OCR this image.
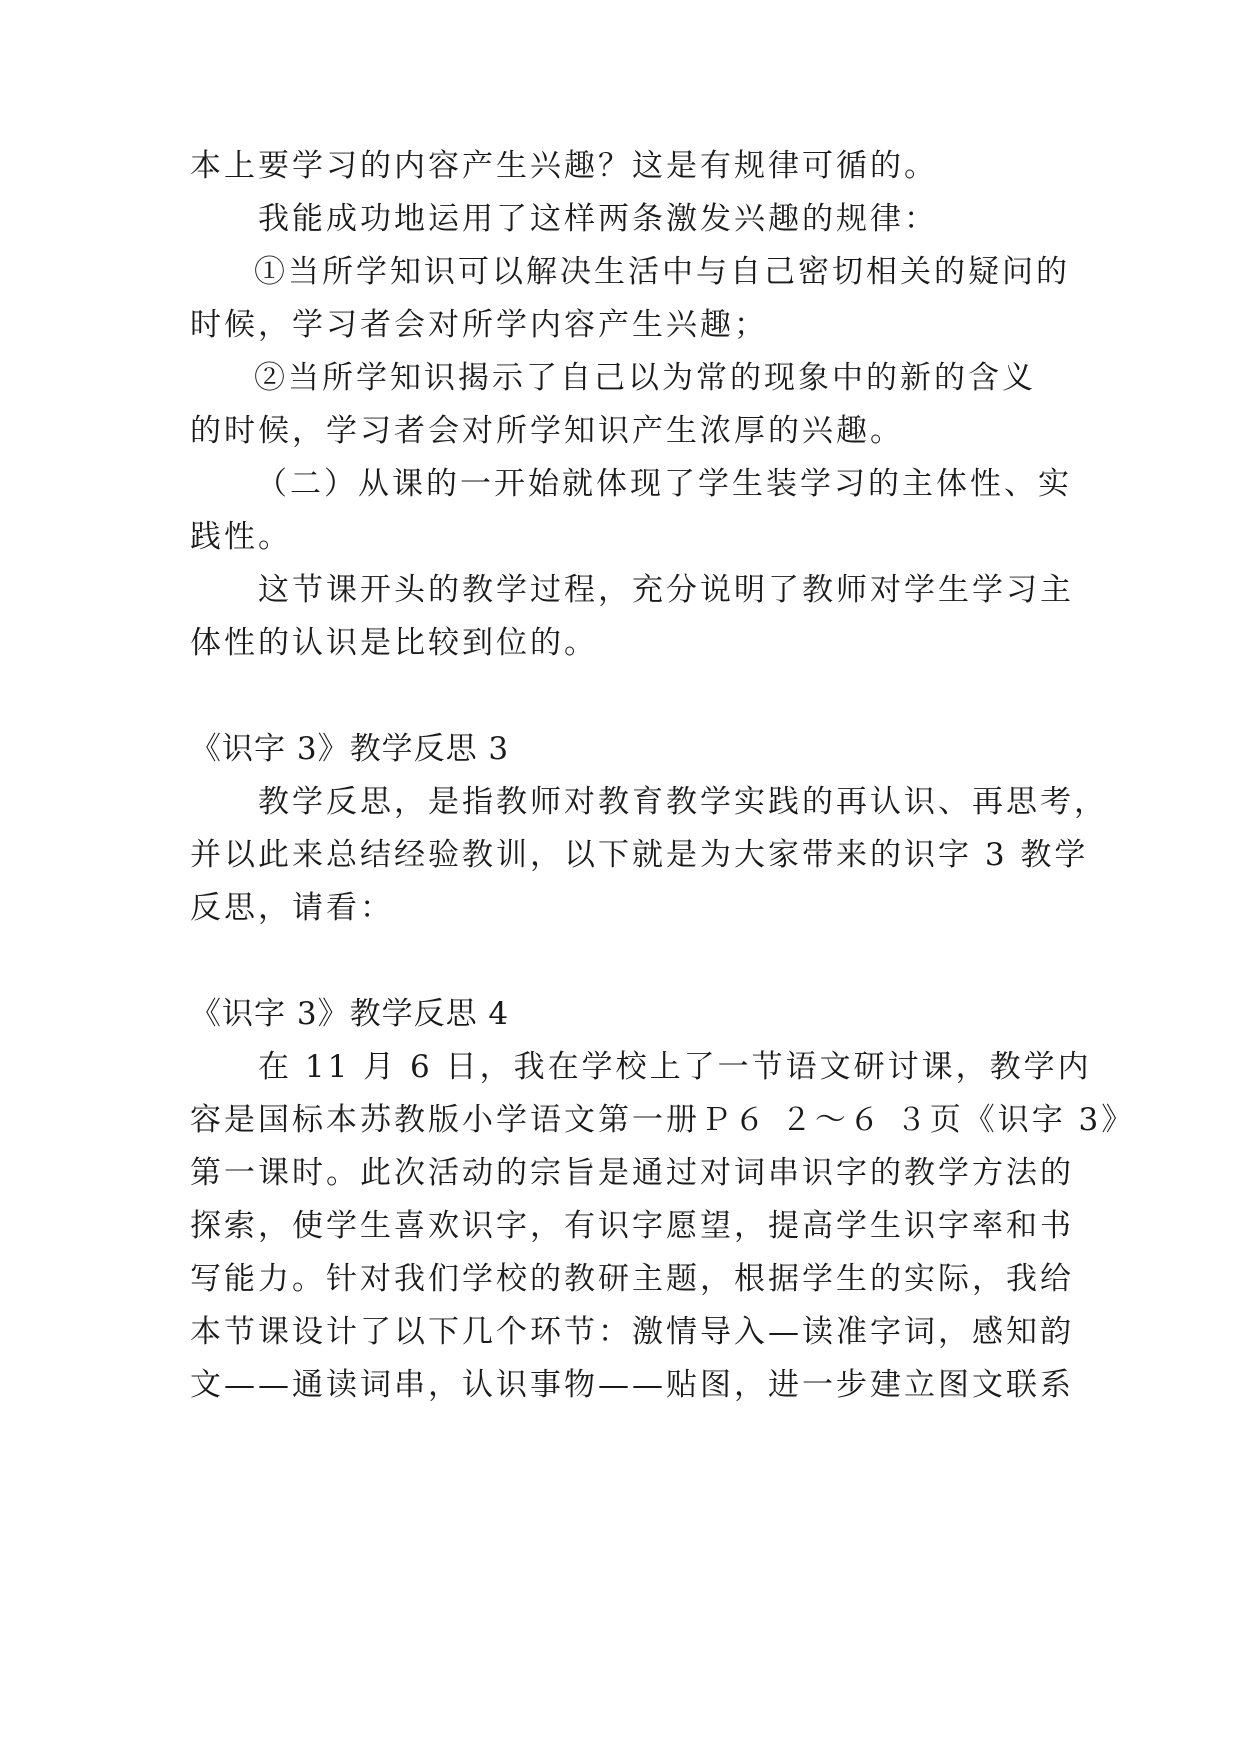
本上要学习的内容产生兴趣？这是有规律可循的。
我能成功地运用了这样两条激发兴趣的规律：
①当所学知识可以解决生活中与自己密切相关的疑问的
时候，学习者会对所学内容产生兴趣；
②当所学知识揭示了自己以为常的现象中的新的含义
的时候，学习者会对所学知识产生浓厚的兴趣。
（二）从课的一开始就体现了学生装学习的主体性、实
践性。
这节课开头的教学过程，充分说明了教师对学生学习主
体性的认识是比较到位的。
《识字 3》教学反思 3
教学反思，是指教师对教育教学实践的再认识、再思考，
并以此来总结经验教训，以下就是为大家带来的识字 3 教学
反思，请看：
《识字 3》教学反思 4
在 11 月 6 日，我在学校上了一节语文研讨课，教学内
容是国标本苏教版小学语文第一册Ｐ６ ２～６ ３页《识字 3》
第一课时。此次活动的宗旨是通过对词串识字的教学方法的
探索，使学生喜欢识字，有识字愿望，提高学生识字率和书
写能力。针对我们学校的教研主题，根据学生的实际，我给
本节课设计了以下几个环节：激情导入—读准字词，感知韵
文——通读词串，认识事物——贴图，进一步建立图文联系
